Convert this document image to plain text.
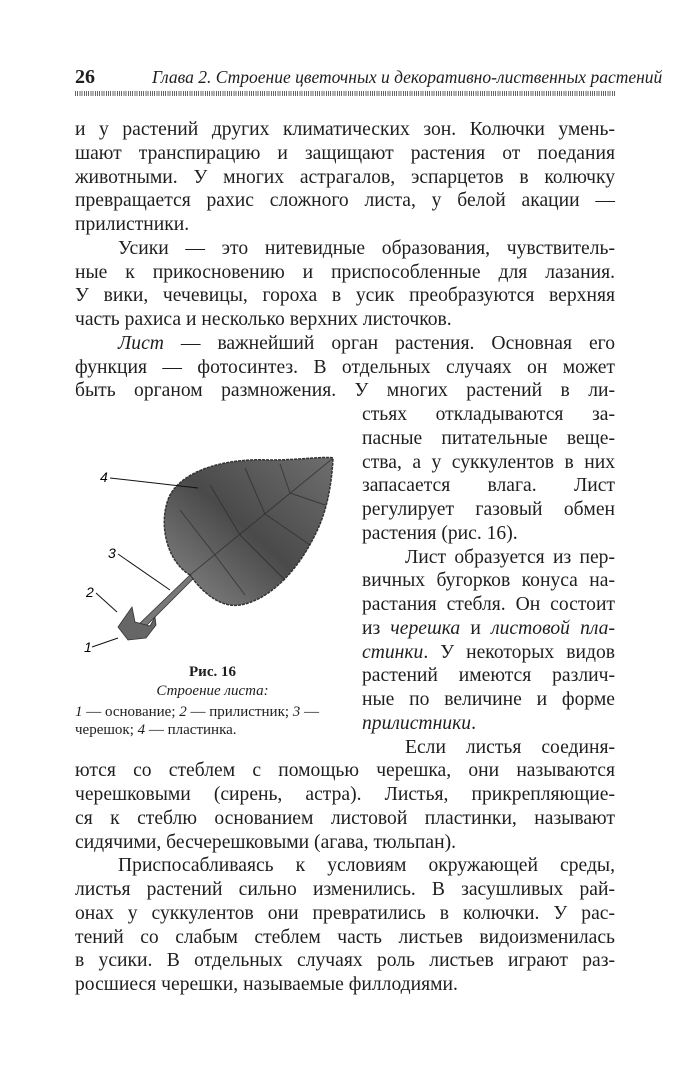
26	Глава 2. Строение цветочных и декоративно-лиственных растений
и у растений других климатических зон. Колючки умень-
шают транспирацию и защищают растения от поедания
животными. У многих астрагалов, эспарцетов в колючку
превращается рахис сложного листа, у белой акации —
прилистники.
Усики — это нитевидные образования, чувствитель-
ные к прикосновению и приспособленные для лазания.
У вики, чечевицы, гороха в усик преобразуются верхняя
часть рахиса и несколько верхних листочков.
Лист — важнейший орган растения. Основная его
функция — фотосинтез. В отдельных случаях он может
быть органом размножения. У многих растений в ли-
стьях откладываются за-
пасные питательные веще-
ства, а у суккулентов в них
запасается влага. Лист
регулирует газовый обмен
растения (рис. 16).
Лист образуется из пер-
вичных бугорков конуса на-
растания стебля. Он состоит
из черешка и листовой пла-
стинки. У некоторых видов
растений имеются различ-
ные по величине и форме
прилистники.
Если листья соединя-
ются со стеблем с помощью черешка, они называются
черешковыми (сирень, астра). Листья, прикрепляющие-
ся к стеблю основанием листовой пластинки, называют
сидячими, бесчерешковыми (агава, тюльпан).
Приспосабливаясь к условиям окружающей среды,
листья растений сильно изменились. В засушливых рай-
онах у суккулентов они превратились в колючки. У рас-
тений со слабым стеблем часть листьев видоизменилась
в усики. В отдельных случаях роль листьев играют раз-
росшиеся черешки, называемые филлодиями.
1
2
3
4
Рис. 16
Строение листа:
1 — основание; 2 — прилистник; 3 —
черешок; 4 — пластинка.
